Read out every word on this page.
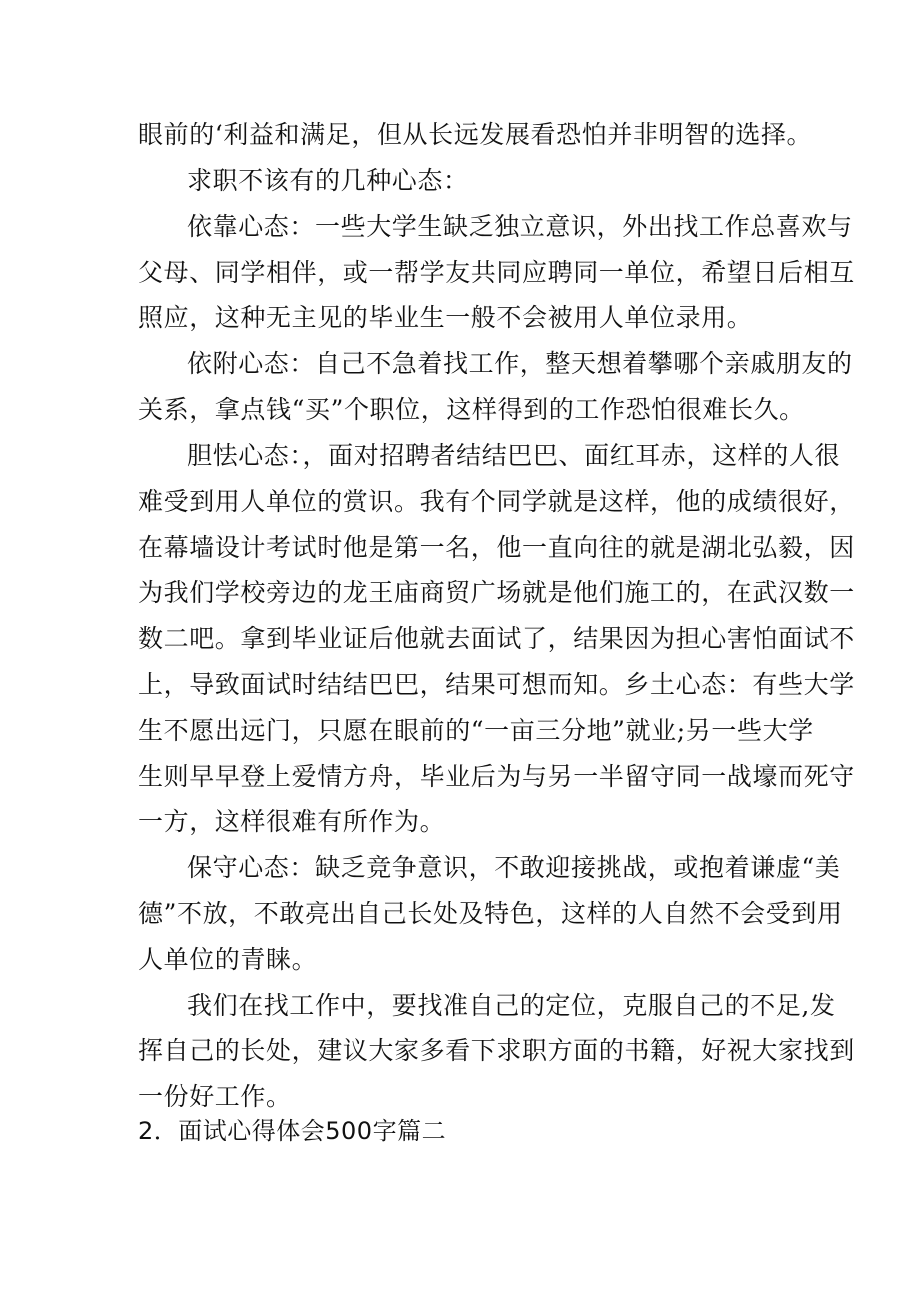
眼前的‘利益和满足，但从长远发展看恐怕并非明智的选择。
求职不该有的几种心态：
依靠心态：一些大学生缺乏独立意识，外出找工作总喜欢与
父母、同学相伴，或一帮学友共同应聘同一单位，希望日后相互
照应，这种无主见的毕业生一般不会被用人单位录用。
依附心态：自己不急着找工作，整天想着攀哪个亲戚朋友的
关系，拿点钱“买”个职位，这样得到的工作恐怕很难长久。
胆怯心态：，面对招聘者结结巴巴、面红耳赤，这样的人很
难受到用人单位的赏识。我有个同学就是这样，他的成绩很好，
在幕墙设计考试时他是第一名，他一直向往的就是湖北弘毅，因
为我们学校旁边的龙王庙商贸广场就是他们施工的，在武汉数一
数二吧。拿到毕业证后他就去面试了，结果因为担心害怕面试不
上，导致面试时结结巴巴，结果可想而知。乡土心态：有些大学
生不愿出远门，只愿在眼前的“一亩三分地”就业;另一些大学
生则早早登上爱情方舟，毕业后为与另一半留守同一战壕而死守
一方，这样很难有所作为。
保守心态：缺乏竞争意识，不敢迎接挑战，或抱着谦虚“美
德”不放，不敢亮出自己长处及特色，这样的人自然不会受到用
人单位的青睐。
我们在找工作中，要找准自己的定位，克服自己的不足,发
挥自己的长处，建议大家多看下求职方面的书籍，好祝大家找到
一份好工作。
2．面试心得体会500字篇二
